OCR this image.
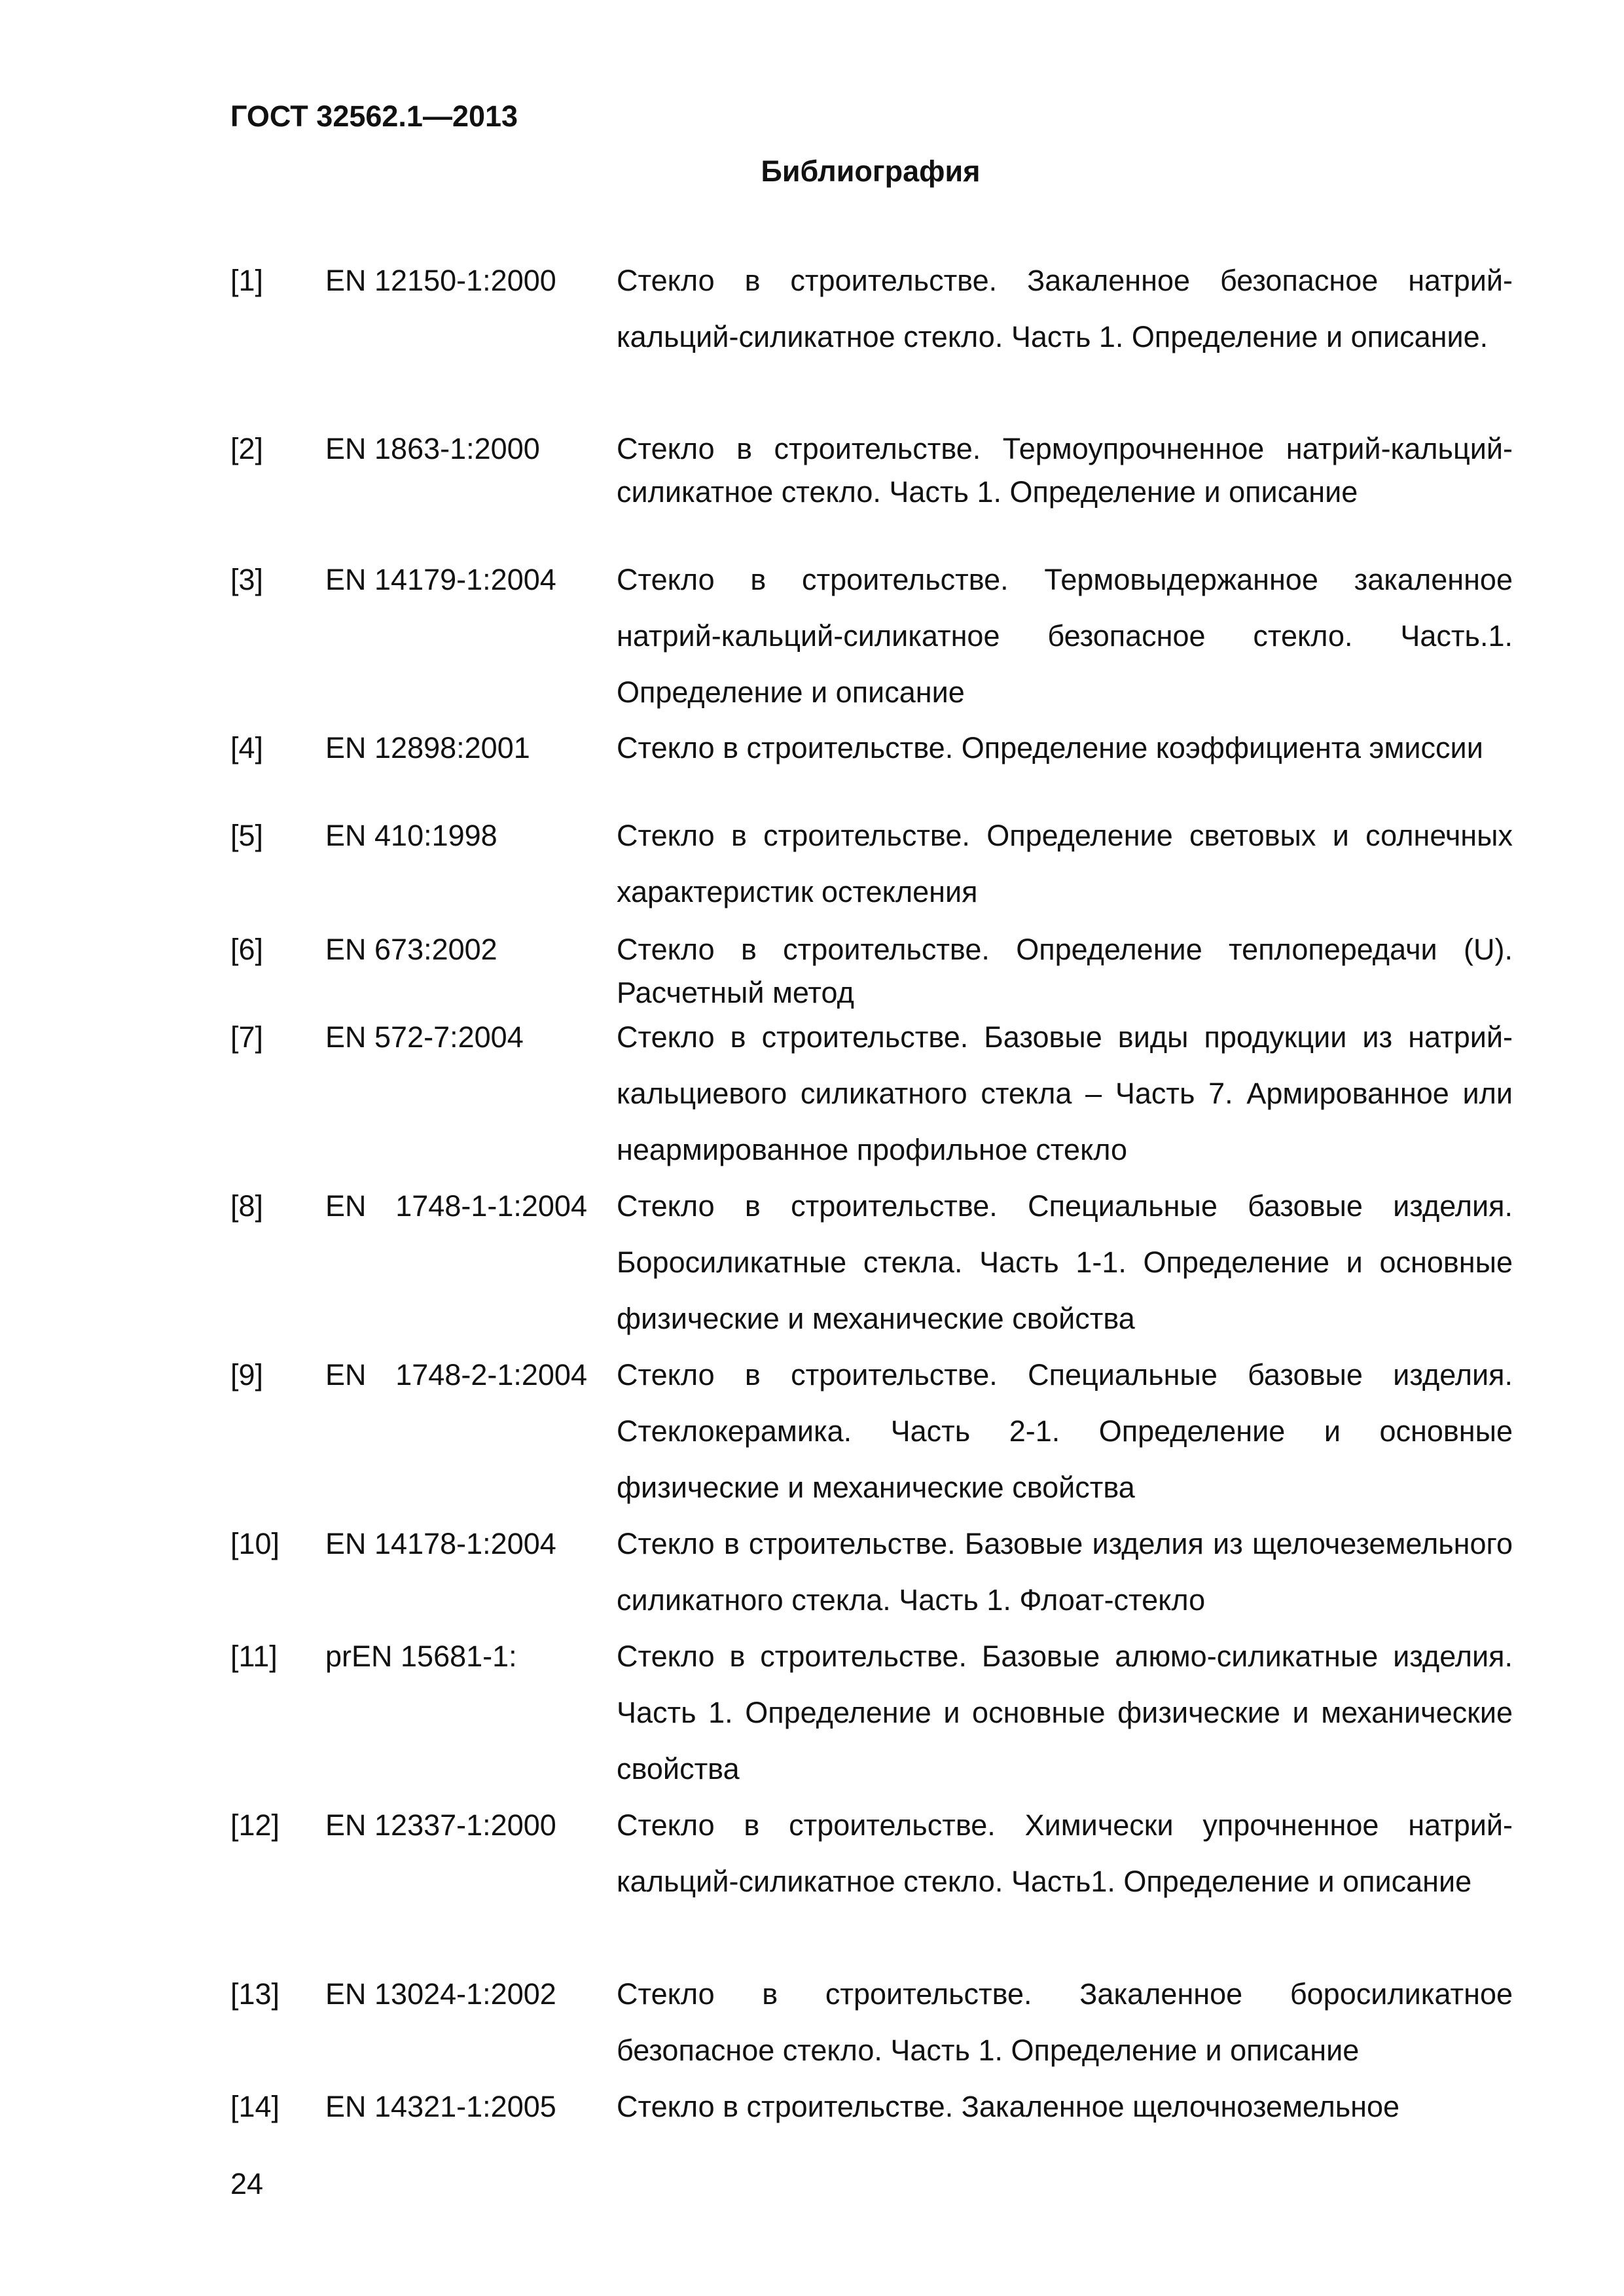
ГОСТ 32562.1—2013
Библиография
[1] EN 12150-1:2000	Стекло в строительстве. Закаленное безопасное натрий-кальций-силикатное стекло. Часть 1. Определение и описание.
[2] EN 1863-1:2000	Стекло в строительстве. Термоупрочненное натрий-кальций-силикатное стекло. Часть 1. Определение и описание
[3] EN 14179-1:2004	Стекло в строительстве. Термовыдержанное закаленное натрий-кальций-силикатное безопасное стекло. Часть.1. Определение и описание
[4] EN 12898:2001	Стекло в строительстве. Определение коэффициента эмиссии
[5] EN 410:1998	Стекло в строительстве. Определение световых и солнечных характеристик остекления
[6] EN 673:2002	Стекло в строительстве. Определение теплопередачи (U). Расчетный метод
[7] EN 572-7:2004	Стекло в строительстве. Базовые виды продукции из натрий-кальциевого силикатного стекла – Часть 7. Армированное или неармированное профильное стекло
[8] EN 1748-1-1:2004 Стекло в строительстве. Специальные базовые изделия. Боросиликатные стекла. Часть 1-1. Определение и основные физические и механические свойства
[9] EN 1748-2-1:2004 Стекло в строительстве. Специальные базовые изделия. Стеклокерамика. Часть 2-1. Определение и основные физические и механические свойства
[10] EN 14178-1:2004	Стекло в строительстве. Базовые изделия из щелочеземельного силикатного стекла. Часть 1. Флоат-стекло
[11] prEN 15681-1:	Стекло в строительстве. Базовые алюмо-силикатные изделия. Часть 1. Определение и основные физические и механические свойства
[12] EN 12337-1:2000	Стекло в строительстве. Химически упрочненное натрий-кальций-силикатное стекло. Часть1. Определение и описание
[13] EN 13024-1:2002	Стекло в строительстве. Закаленное боросиликатное безопасное стекло. Часть 1. Определение и описание
[14] EN 14321-1:2005	Стекло в строительстве. Закаленное щелочноземельное
24
